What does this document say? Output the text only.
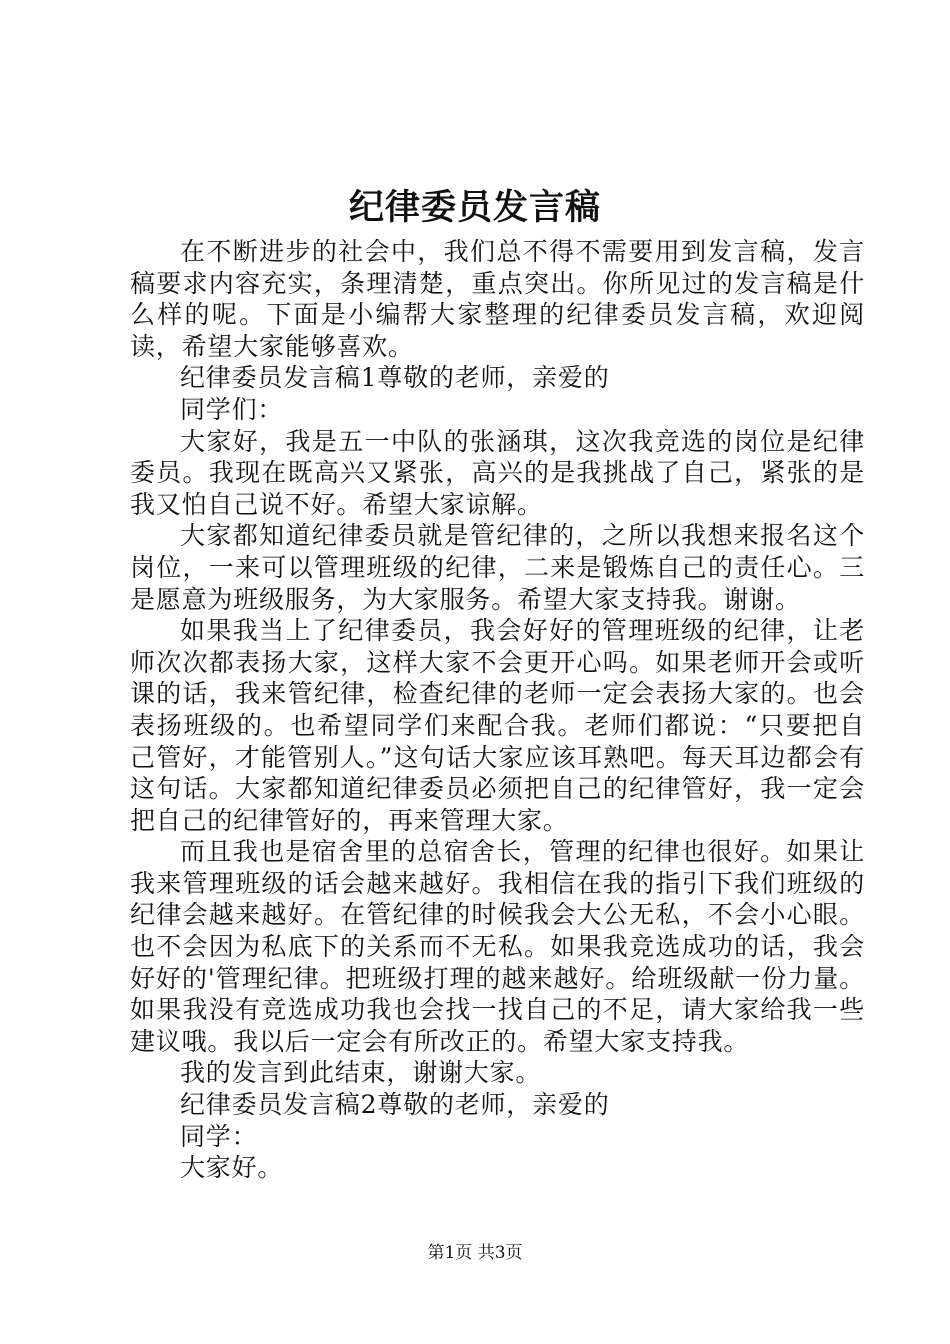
纪律委员发言稿

在不断进步的社会中，我们总不得不需要用到发言稿，发言稿要求内容充实，条理清楚，重点突出。你所见过的发言稿是什么样的呢。下面是小编帮大家整理的纪律委员发言稿，欢迎阅读，希望大家能够喜欢。

纪律委员发言稿1尊敬的老师，亲爱的

同学们：

大家好，我是五一中队的张涵琪，这次我竞选的岗位是纪律委员。我现在既高兴又紧张，高兴的是我挑战了自己，紧张的是我又怕自己说不好。希望大家谅解。

大家都知道纪律委员就是管纪律的，之所以我想来报名这个岗位，一来可以管理班级的纪律，二来是锻炼自己的责任心。三是愿意为班级服务，为大家服务。希望大家支持我。谢谢。

如果我当上了纪律委员，我会好好的管理班级的纪律，让老师次次都表扬大家，这样大家不会更开心吗。如果老师开会或听课的话，我来管纪律，检查纪律的老师一定会表扬大家的。也会表扬班级的。也希望同学们来配合我。老师们都说：“只要把自己管好，才能管别人。”这句话大家应该耳熟吧。每天耳边都会有这句话。大家都知道纪律委员必须把自己的纪律管好，我一定会把自己的纪律管好的，再来管理大家。

而且我也是宿舍里的总宿舍长，管理的纪律也很好。如果让我来管理班级的话会越来越好。我相信在我的指引下我们班级的纪律会越来越好。在管纪律的时候我会大公无私，不会小心眼。也不会因为私底下的关系而不无私。如果我竞选成功的话，我会好好的'管理纪律。把班级打理的越来越好。给班级献一份力量。如果我没有竞选成功我也会找一找自己的不足，请大家给我一些建议哦。我以后一定会有所改正的。希望大家支持我。

我的发言到此结束，谢谢大家。

纪律委员发言稿2尊敬的老师，亲爱的

同学：

大家好。

第1页 共3页
